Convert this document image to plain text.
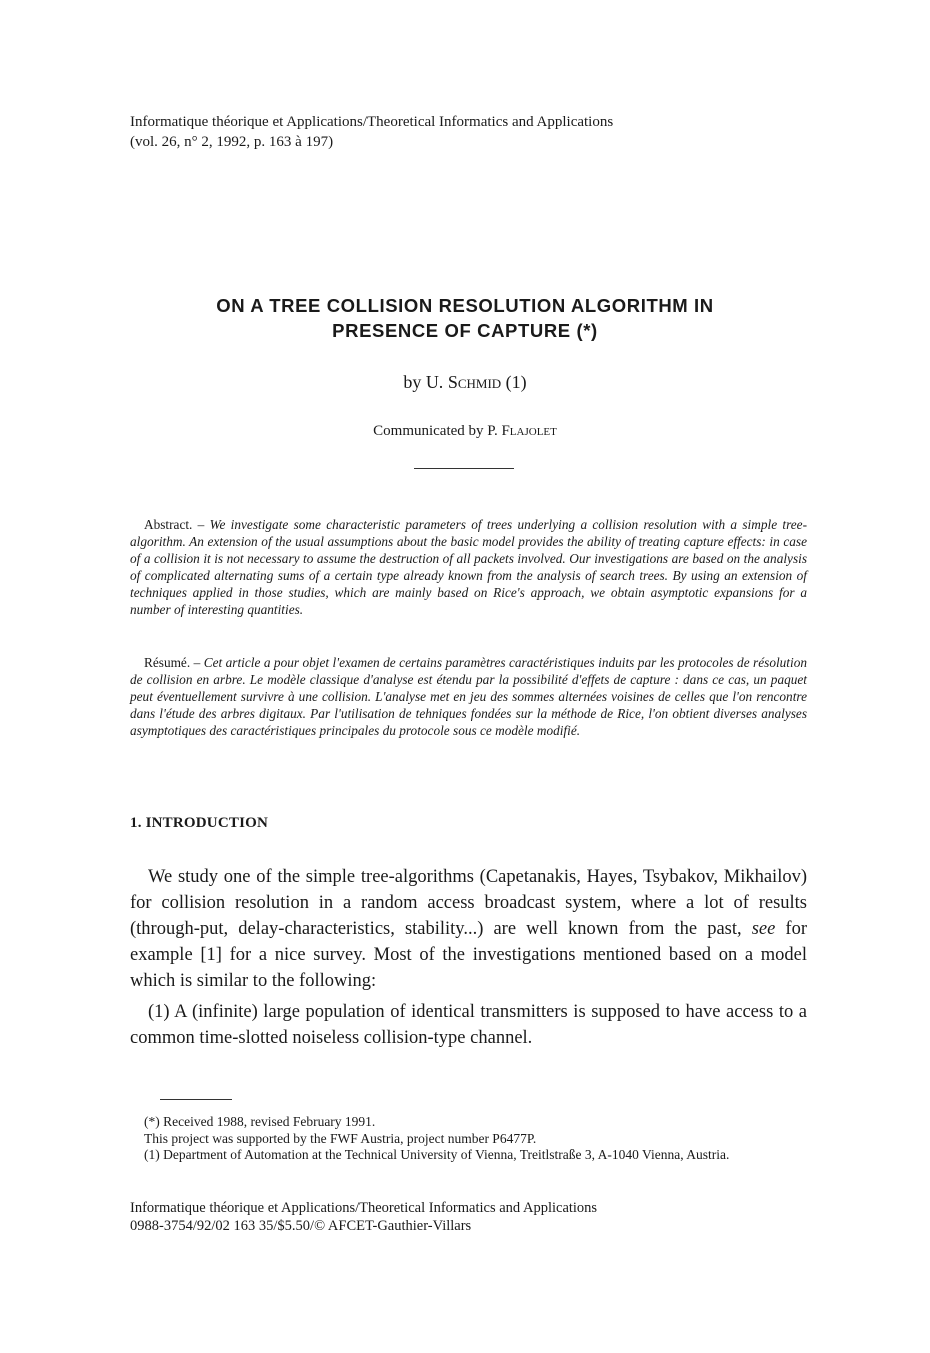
Informatique théorique et Applications/Theoretical Informatics and Applications
(vol. 26, n° 2, 1992, p. 163 à 197)
ON A TREE COLLISION RESOLUTION ALGORITHM IN
PRESENCE OF CAPTURE (*)
by U. Schmid (1)
Communicated by P. Flajolet
Abstract. – We investigate some characteristic parameters of trees underlying a collision resolution with a simple tree-algorithm. An extension of the usual assumptions about the basic model provides the ability of treating capture effects: in case of a collision it is not necessary to assume the destruction of all packets involved. Our investigations are based on the analysis of complicated alternating sums of a certain type already known from the analysis of search trees. By using an extension of techniques applied in those studies, which are mainly based on Rice's approach, we obtain asymptotic expansions for a number of interesting quantities.
Résumé. – Cet article a pour objet l'examen de certains paramètres caractéristiques induits par les protocoles de résolution de collision en arbre. Le modèle classique d'analyse est étendu par la possibilité d'effets de capture : dans ce cas, un paquet peut éventuellement survivre à une collision. L'analyse met en jeu des sommes alternées voisines de celles que l'on rencontre dans l'étude des arbres digitaux. Par l'utilisation de tehniques fondées sur la méthode de Rice, l'on obtient diverses analyses asymptotiques des caractéristiques principales du protocole sous ce modèle modifié.
1. INTRODUCTION

We study one of the simple tree-algorithms (Capetanakis, Hayes, Tsybakov, Mikhailov) for collision resolution in a random access broadcast system, where a lot of results (through-put, delay-characteristics, stability...) are well known from the past, see for example [1] for a nice survey. Most of the investigations mentioned based on a model which is similar to the following:

(1) A (infinite) large population of identical transmitters is supposed to have access to a common time-slotted noiseless collision-type channel.

(*) Received 1988, revised February 1991.

This project was supported by the FWF Austria, project number P6477P.

(1) Department of Automation at the Technical University of Vienna, Treitlstraße 3, A-1040 Vienna, Austria.

Informatique théorique et Applications/Theoretical Informatics and Applications
0988-3754/92/02 163 35/$5.50/© AFCET-Gauthier-Villars
